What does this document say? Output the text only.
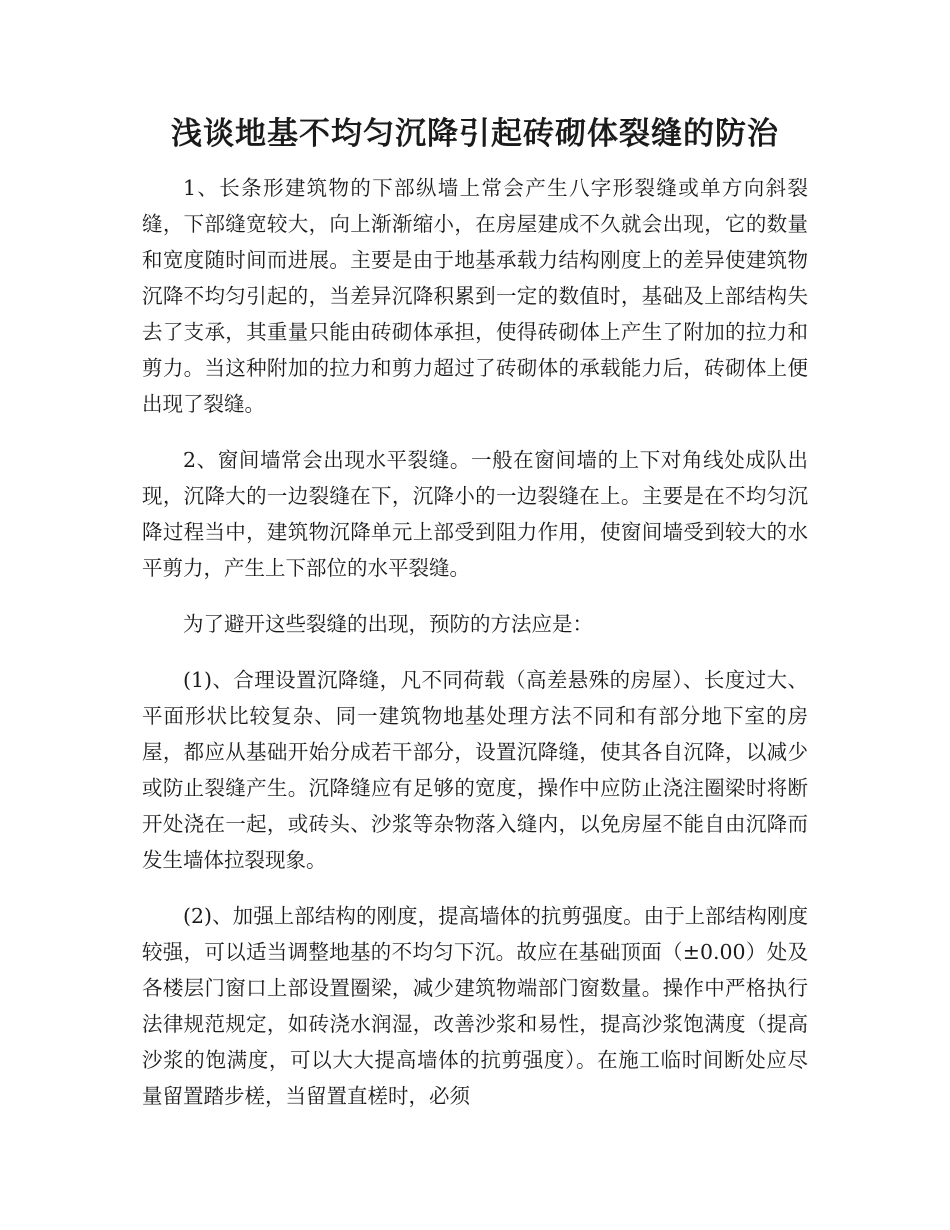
浅谈地基不均匀沉降引起砖砌体裂缝的防治

1、长条形建筑物的下部纵墙上常会产生八字形裂缝或单方向斜裂缝，下部缝宽较大，向上渐渐缩小，在房屋建成不久就会出现，它的数量和宽度随时间而进展。主要是由于地基承载力结构刚度上的差异使建筑物沉降不均匀引起的，当差异沉降积累到一定的数值时，基础及上部结构失去了支承，其重量只能由砖砌体承担，使得砖砌体上产生了附加的拉力和剪力。当这种附加的拉力和剪力超过了砖砌体的承载能力后，砖砌体上便出现了裂缝。

2、窗间墙常会出现水平裂缝。一般在窗间墙的上下对角线处成队出现，沉降大的一边裂缝在下，沉降小的一边裂缝在上。主要是在不均匀沉降过程当中，建筑物沉降单元上部受到阻力作用，使窗间墙受到较大的水平剪力，产生上下部位的水平裂缝。

为了避开这些裂缝的出现，预防的方法应是：

(1)、合理设置沉降缝，凡不同荷载（高差悬殊的房屋）、长度过大、平面形状比较复杂、同一建筑物地基处理方法不同和有部分地下室的房屋，都应从基础开始分成若干部分，设置沉降缝，使其各自沉降，以减少或防止裂缝产生。沉降缝应有足够的宽度，操作中应防止浇注圈梁时将断开处浇在一起，或砖头、沙浆等杂物落入缝内，以免房屋不能自由沉降而发生墙体拉裂现象。

(2)、加强上部结构的刚度，提高墙体的抗剪强度。由于上部结构刚度较强，可以适当调整地基的不均匀下沉。故应在基础顶面（±0.00）处及各楼层门窗口上部设置圈梁，减少建筑物端部门窗数量。操作中严格执行法律规范规定，如砖浇水润湿，改善沙浆和易性，提高沙浆饱满度（提高沙浆的饱满度，可以大大提高墙体的抗剪强度）。在施工临时间断处应尽量留置踏步槎，当留置直槎时，必须
